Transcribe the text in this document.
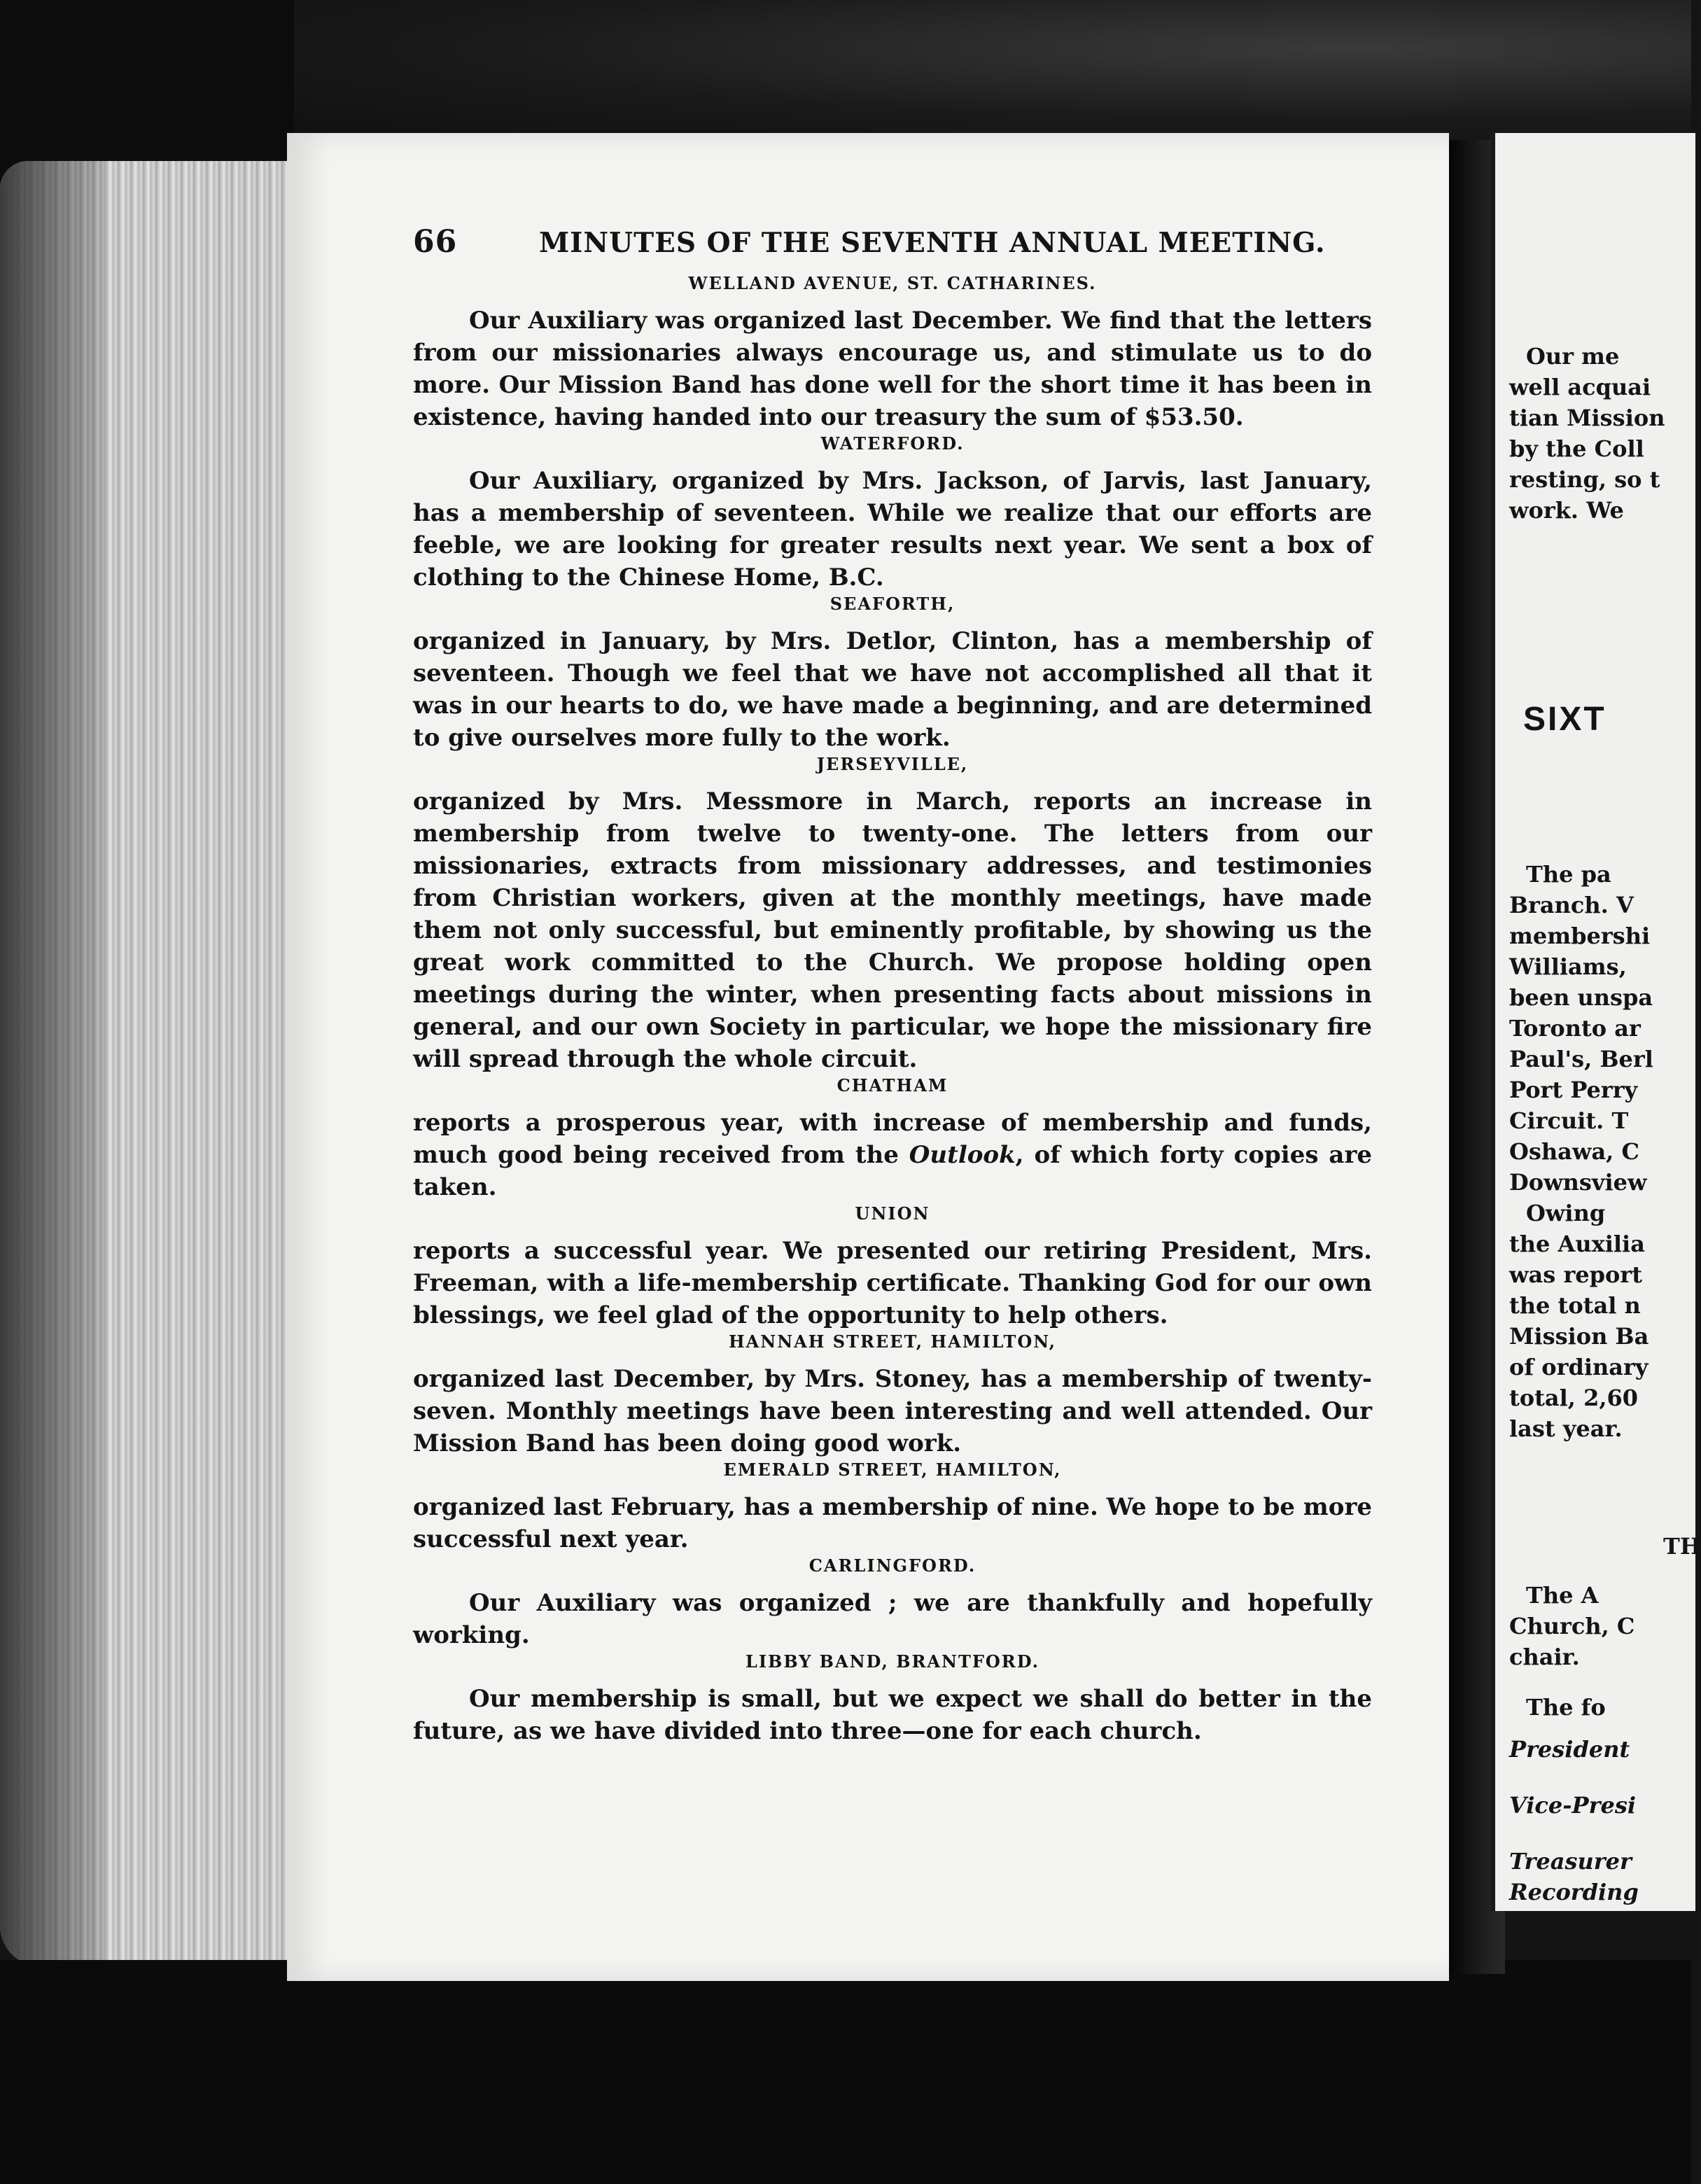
66	MINUTES OF THE SEVENTH ANNUAL MEETING.
WELLAND AVENUE, ST. CATHARINES.

Our Auxiliary was organized last December. We find that the letters from our missionaries always encourage us, and stimulate us to do more. Our Mission Band has done well for the short time it has been in existence, having handed into our treasury the sum of $53.50.

WATERFORD.

Our Auxiliary, organized by Mrs. Jackson, of Jarvis, last January, has a membership of seventeen. While we realize that our efforts are feeble, we are looking for greater results next year. We sent a box of clothing to the Chinese Home, B.C.

SEAFORTH,

organized in January, by Mrs. Detlor, Clinton, has a membership of seventeen. Though we feel that we have not accomplished all that it was in our hearts to do, we have made a beginning, and are determined to give ourselves more fully to the work.

JERSEYVILLE,

organized by Mrs. Messmore in March, reports an increase in membership from twelve to twenty-one. The letters from our missionaries, extracts from missionary addresses, and testimonies from Christian workers, given at the monthly meetings, have made them not only successful, but eminently profitable, by showing us the great work committed to the Church. We propose holding open meetings during the winter, when presenting facts about missions in general, and our own Society in particular, we hope the missionary fire will spread through the whole circuit.

CHATHAM

reports a prosperous year, with increase of membership and funds, much good being received from the Outlook, of which forty copies are taken.

UNION

reports a successful year. We presented our retiring President, Mrs. Freeman, with a life-membership certificate. Thanking God for our own blessings, we feel glad of the opportunity to help others.

HANNAH STREET, HAMILTON,

organized last December, by Mrs. Stoney, has a membership of twenty-seven. Monthly meetings have been interesting and well attended. Our Mission Band has been doing good work.

EMERALD STREET, HAMILTON,

organized last February, has a membership of nine. We hope to be more successful next year.

CARLINGFORD.

Our Auxiliary was organized ; we are thankfully and hopefully working.

LIBBY BAND, BRANTFORD.

Our membership is small, but we expect we shall do better in the future, as we have divided into three—one for each church.

Our me
well acquai
tian Mission
by the Coll
resting, so t
work. We
SIXT
The pa
Branch. V
membershi
Williams,
been unspa
Toronto ar
Paul's, Berl
Port Perry
Circuit. T
Oshawa, C
Downsview
Owing
the Auxilia
was report
the total n
Mission Ba
of ordinary
total, 2,60
last year.
TH
The A
Church, C
chair.
The fo
President
Vice-Presi
Treasurer
Recording
Correspon
